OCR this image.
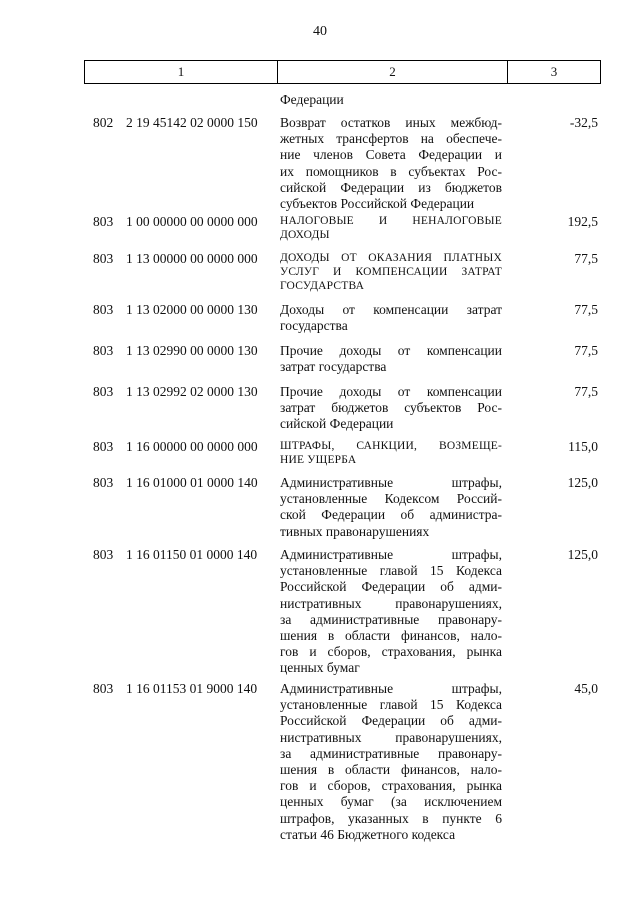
40
1	2	3
Федерации
802 2 19 45142 02 0000 150 Возврат остатков иных межбюд-
жетных трансфертов на обеспече-
ние членов Совета Федерации и
их помощников в субъектах Рос-
сийской Федерации из бюджетов
субъектов Российской Федерации
-32,5
803 1 00 00000 00 0000 000 НАЛОГОВЫЕ И НЕНАЛОГОВЫЕ
ДОХОДЫ
192,5
803 1 13 00000 00 0000 000 ДОХОДЫ ОТ ОКАЗАНИЯ ПЛАТНЫХ
УСЛУГ И КОМПЕНСАЦИИ ЗАТРАТ
ГОСУДАРСТВА
77,5
803 1 13 02000 00 0000 130 Доходы от компенсации затрат
государства
77,5
803 1 13 02990 00 0000 130 Прочие доходы от компенсации
затрат государства
77,5
803 1 13 02992 02 0000 130 Прочие доходы от компенсации
затрат бюджетов субъектов Рос-
сийской Федерации
77,5
803 1 16 00000 00 0000 000 ШТРАФЫ, САНКЦИИ, ВОЗМЕЩЕ-
НИЕ УЩЕРБА
115,0
803 1 16 01000 01 0000 140 Административные штрафы,
установленные Кодексом Россий-
ской Федерации об администра-
тивных правонарушениях
125,0
803 1 16 01150 01 0000 140 Административные штрафы,
установленные главой 15 Кодекса
Российской Федерации об адми-
нистративных правонарушениях,
за административные правонару-
шения в области финансов, нало-
гов и сборов, страхования, рынка
ценных бумаг
125,0
803 1 16 01153 01 9000 140 Административные штрафы,
установленные главой 15 Кодекса
Российской Федерации об адми-
нистративных правонарушениях,
за административные правонару-
шения в области финансов, нало-
гов и сборов, страхования, рынка
ценных бумаг (за исключением
штрафов, указанных в пункте 6
статьи 46 Бюджетного кодекса
45,0
